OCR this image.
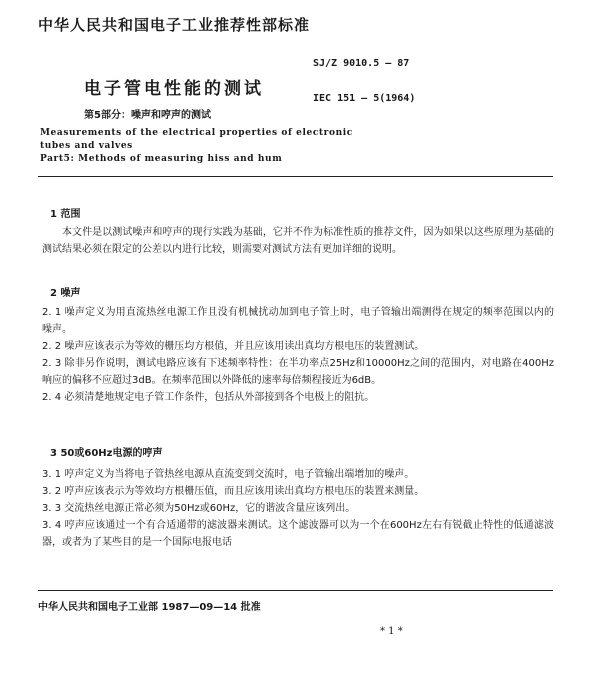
中华人民共和国电子工业推荐性部标准
SJ/Z 9010.5 — 87
电子管电性能的测试	IEC 151 — 5(1964)
第5部分：噪声和哼声的测试
Measurements of the electrical properties of electronic
tubes and valves
Part5: Methods of measuring hiss and hum
1 范围
本文件是以测试噪声和哼声的现行实践为基础，它并不作为标准性质的推荐文件，因为如果以这些原理为基础的测试结果必须在限定的公差以内进行比较，则需要对测试方法有更加详细的说明。
2 噪声
2. 1 噪声定义为用直流热丝电源工作且没有机械扰动加到电子管上时，电子管输出端测得在规定的频率范围以内的噪声。
2. 2 噪声应该表示为等效的栅压均方根值，并且应该用读出真均方根电压的装置测试。
2. 3 除非另作说明，测试电路应该有下述频率特性：在半功率点25Hz和10000Hz之间的范围内，对电路在400Hz响应的偏移不应超过3dB。在频率范围以外降低的速率每倍频程接近为6dB。
2. 4 必须清楚地规定电子管工作条件，包括从外部接到各个电极上的阻抗。
3 50或60Hz电源的哼声
3. 1 哼声定义为当将电子管热丝电源从直流变到交流时，电子管输出端增加的噪声。
3. 2 哼声应该表示为等效均方根栅压值，而且应该用读出真均方根电压的装置来测量。
3. 3 交流热丝电源正常必须为50Hz或60Hz，它的谐波含量应该列出。
3. 4 哼声应该通过一个有合适通带的滤波器来测试。这个滤波器可以为一个在600Hz左右有锐截止特性的低通滤波器，或者为了某些目的是一个国际电报电话
中华人民共和国电子工业部 1987—09—14 批准
* 1 *
